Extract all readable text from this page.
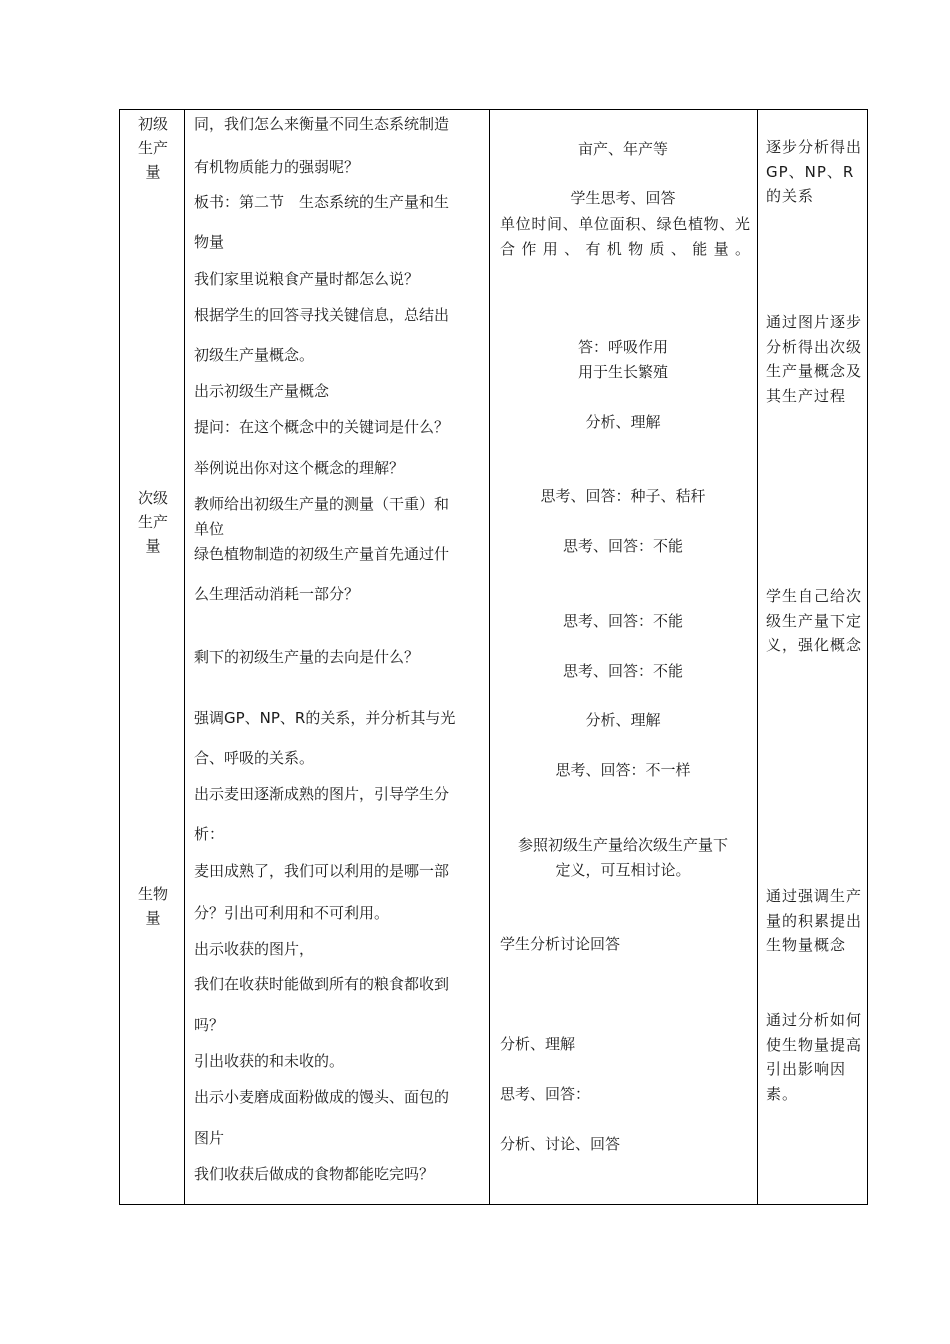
初级生产量
次级生产量
生物量
同，我们怎么来衡量不同生态系统制造
有机物质能力的强弱呢？
板书：第二节　生态系统的生产量和生
物量
我们家里说粮食产量时都怎么说？
根据学生的回答寻找关键信息，总结出
初级生产量概念。
出示初级生产量概念
提问：在这个概念中的关键词是什么？
举例说出你对这个概念的理解？
教师给出初级生产量的测量（干重）和
单位
绿色植物制造的初级生产量首先通过什
么生理活动消耗一部分？
剩下的初级生产量的去向是什么？
强调GP、NP、R的关系，并分析其与光
合、呼吸的关系。
出示麦田逐渐成熟的图片，引导学生分
析：
麦田成熟了，我们可以利用的是哪一部
分？引出可利用和不可利用。
出示收获的图片，
我们在收获时能做到所有的粮食都收到
吗？
引出收获的和未收的。
出示小麦磨成面粉做成的馒头、面包的
图片
我们收获后做成的食物都能吃完吗？
亩产、年产等
学生思考、回答
单位时间、单位面积、绿色植物、光合作用、有机物质、能量。
答：呼吸作用
用于生长繁殖
分析、理解
思考、回答：种子、秸秆
思考、回答：不能
思考、回答：不能
思考、回答：不能
分析、理解
思考、回答：不一样
参照初级生产量给次级生产量下
定义，可互相讨论。
学生分析讨论回答
分析、理解
思考、回答：
分析、讨论、回答
逐步分析得出GP、NP、R的关系
通过图片逐步分析得出次级生产量概念及其生产过程
学生自己给次级生产量下定义，强化概念
通过强调生产量的积累提出生物量概念
通过分析如何使生物量提高引出影响因素。
